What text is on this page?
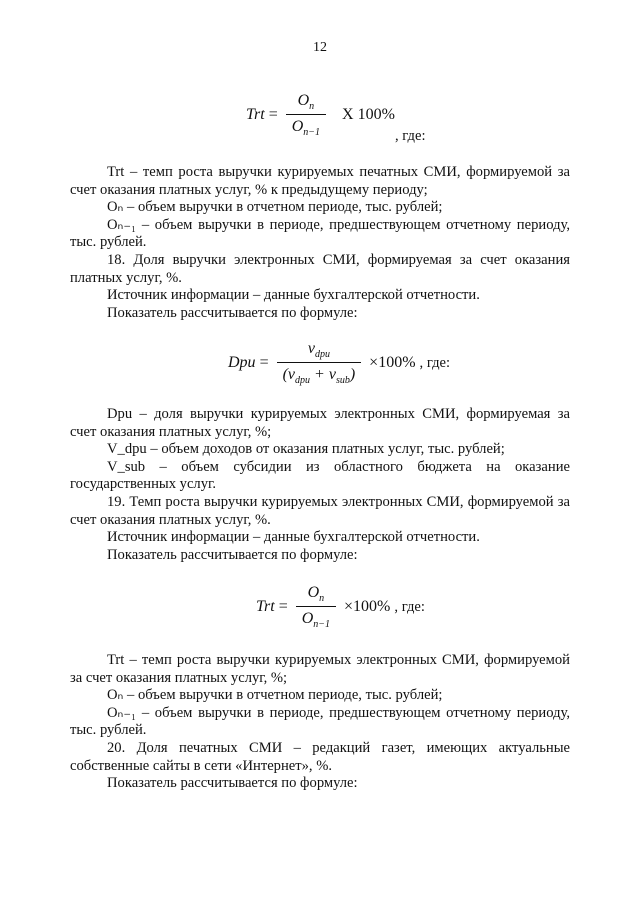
12
Trt = $\frac{O_n}{O_{n-1}}$ X 100%
, где:

Trt – темп роста выручки курируемых печатных СМИ, формируемой за счет оказания платных услуг, % к предыдущему периоду;

Oₙ – объем выручки в отчетном периоде, тыс. рублей;

Oₙ₋₁ – объем выручки в периоде, предшествующем отчетному периоду, тыс. рублей.

18. Доля выручки электронных СМИ, формируемая за счет оказания платных услуг, %.

Источник информации – данные бухгалтерской отчетности.

Показатель рассчитывается по формуле:

Dpu = $\frac{v_{dpu}}{(v_{dpu} + v_{sub})} \times 100\%$ , где:

Dpu – доля выручки курируемых электронных СМИ, формируемая за счет оказания платных услуг, %;

V_dpu – объем доходов от оказания платных услуг, тыс. рублей;

V_sub – объем субсидии из областного бюджета на оказание государственных услуг.

19. Темп роста выручки курируемых электронных СМИ, формируемой за счет оказания платных услуг, %.

Источник информации – данные бухгалтерской отчетности.

Показатель рассчитывается по формуле:

Trt = $\frac{O_n}{O_{n-1}} \times 100\%$ , где:

Trt – темп роста выручки курируемых электронных СМИ, формируемой за счет оказания платных услуг, %;

Oₙ – объем выручки в отчетном периоде, тыс. рублей;

Oₙ₋₁ – объем выручки в периоде, предшествующем отчетному периоду, тыс. рублей.

20. Доля печатных СМИ – редакций газет, имеющих актуальные собственные сайты в сети «Интернет», %.

Показатель рассчитывается по формуле:
